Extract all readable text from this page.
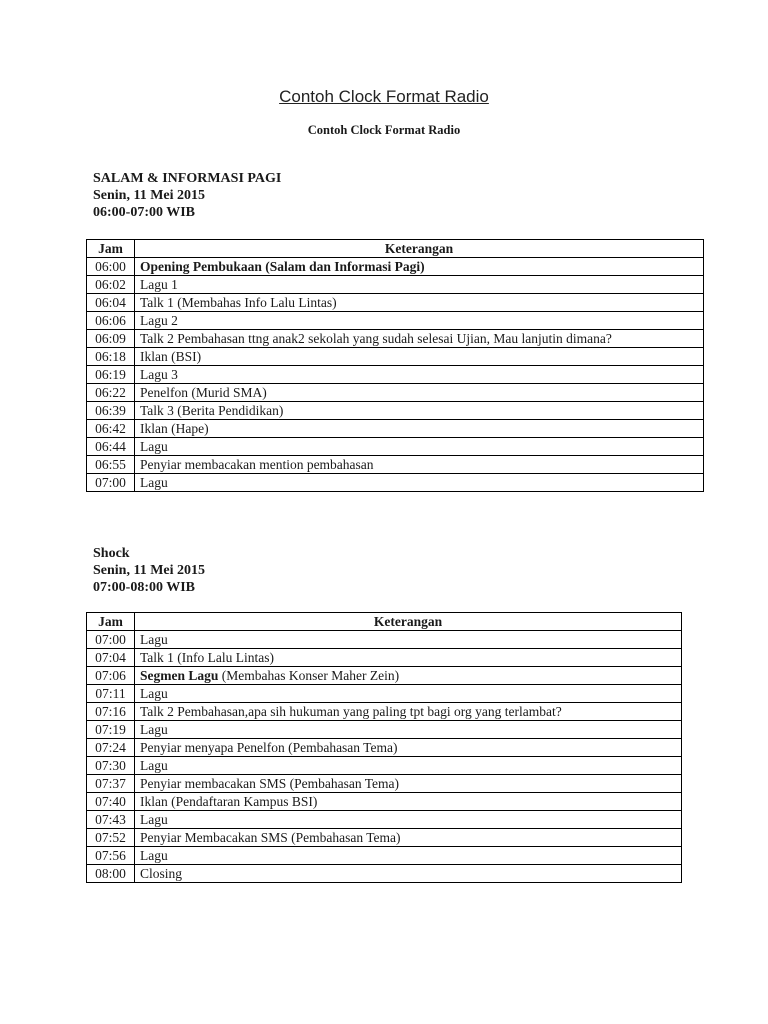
Contoh Clock Format Radio
Contoh Clock Format Radio
SALAM & INFORMASI PAGI
Senin, 11 Mei 2015
06:00-07:00 WIB
Jam	Keterangan
06:00	Opening Pembukaan (Salam dan Informasi Pagi)
06:02	Lagu 1
06:04	Talk 1 (Membahas Info Lalu Lintas)
06:06	Lagu 2
06:09	Talk 2 Pembahasan ttng anak2 sekolah yang sudah selesai Ujian, Mau lanjutin dimana?
06:18	Iklan (BSI)
06:19	Lagu 3
06:22	Penelfon (Murid SMA)
06:39	Talk 3 (Berita Pendidikan)
06:42	Iklan (Hape)
06:44	Lagu
06:55	Penyiar membacakan mention pembahasan
07:00	Lagu
Shock
Senin, 11 Mei 2015
07:00-08:00 WIB
Jam	Keterangan
07:00	Lagu
07:04	Talk 1 (Info Lalu Lintas)
07:06	Segmen Lagu (Membahas Konser Maher Zein)
07:11	Lagu
07:16	Talk 2 Pembahasan,apa sih hukuman yang paling tpt bagi org yang terlambat?
07:19	Lagu
07:24	Penyiar menyapa Penelfon (Pembahasan Tema)
07:30	Lagu
07:37	Penyiar membacakan SMS (Pembahasan Tema)
07:40	Iklan (Pendaftaran Kampus BSI)
07:43	Lagu
07:52	Penyiar Membacakan SMS (Pembahasan Tema)
07:56	Lagu
08:00	Closing
